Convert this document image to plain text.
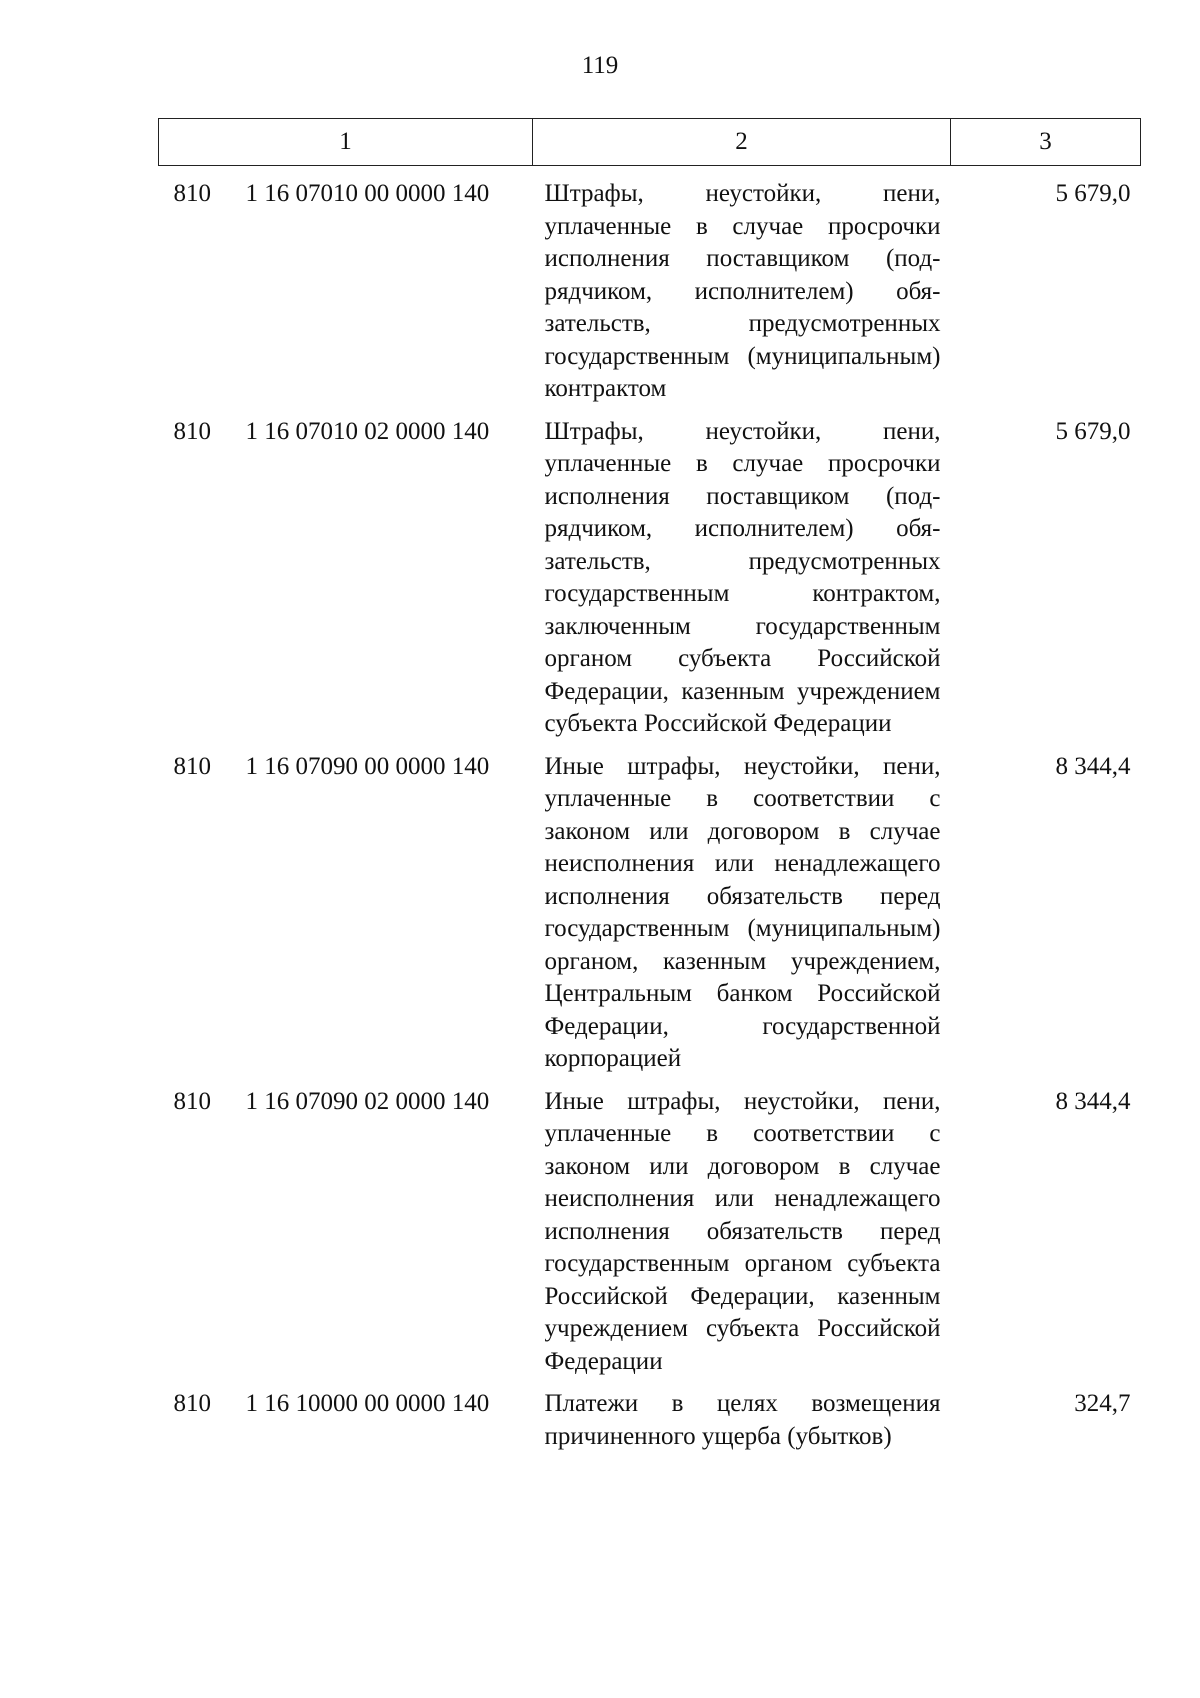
119
1	2	3
810 1 16 07010 00 0000 140	Штрафы, неустойки, пени, уплаченные в случае просрочки исполнения поставщиком (подрядчиком, исполнителем) обязательств, предусмотренных государственным (муниципальным) контрактом	5 679,0
810 1 16 07010 02 0000 140	Штрафы, неустойки, пени, уплаченные в случае просрочки исполнения поставщиком (подрядчиком, исполнителем) обязательств, предусмотренных государственным контрактом, заключенным государственным органом субъекта Российской Федерации, казенным учреждением субъекта Российской Федерации	5 679,0
810 1 16 07090 00 0000 140	Иные штрафы, неустойки, пени, уплаченные в соответствии с законом или договором в случае неисполнения или ненадлежащего исполнения обязательств перед государственным (муниципальным) органом, казенным учреждением, Центральным банком Российской Федерации, государственной корпорацией	8 344,4
810 1 16 07090 02 0000 140	Иные штрафы, неустойки, пени, уплаченные в соответствии с законом или договором в случае неисполнения или ненадлежащего исполнения обязательств перед государственным органом субъекта Российской Федерации, казенным учреждением субъекта Российской Федерации	8 344,4
810 1 16 10000 00 0000 140	Платежи в целях возмещения причиненного ущерба (убытков)	324,7
